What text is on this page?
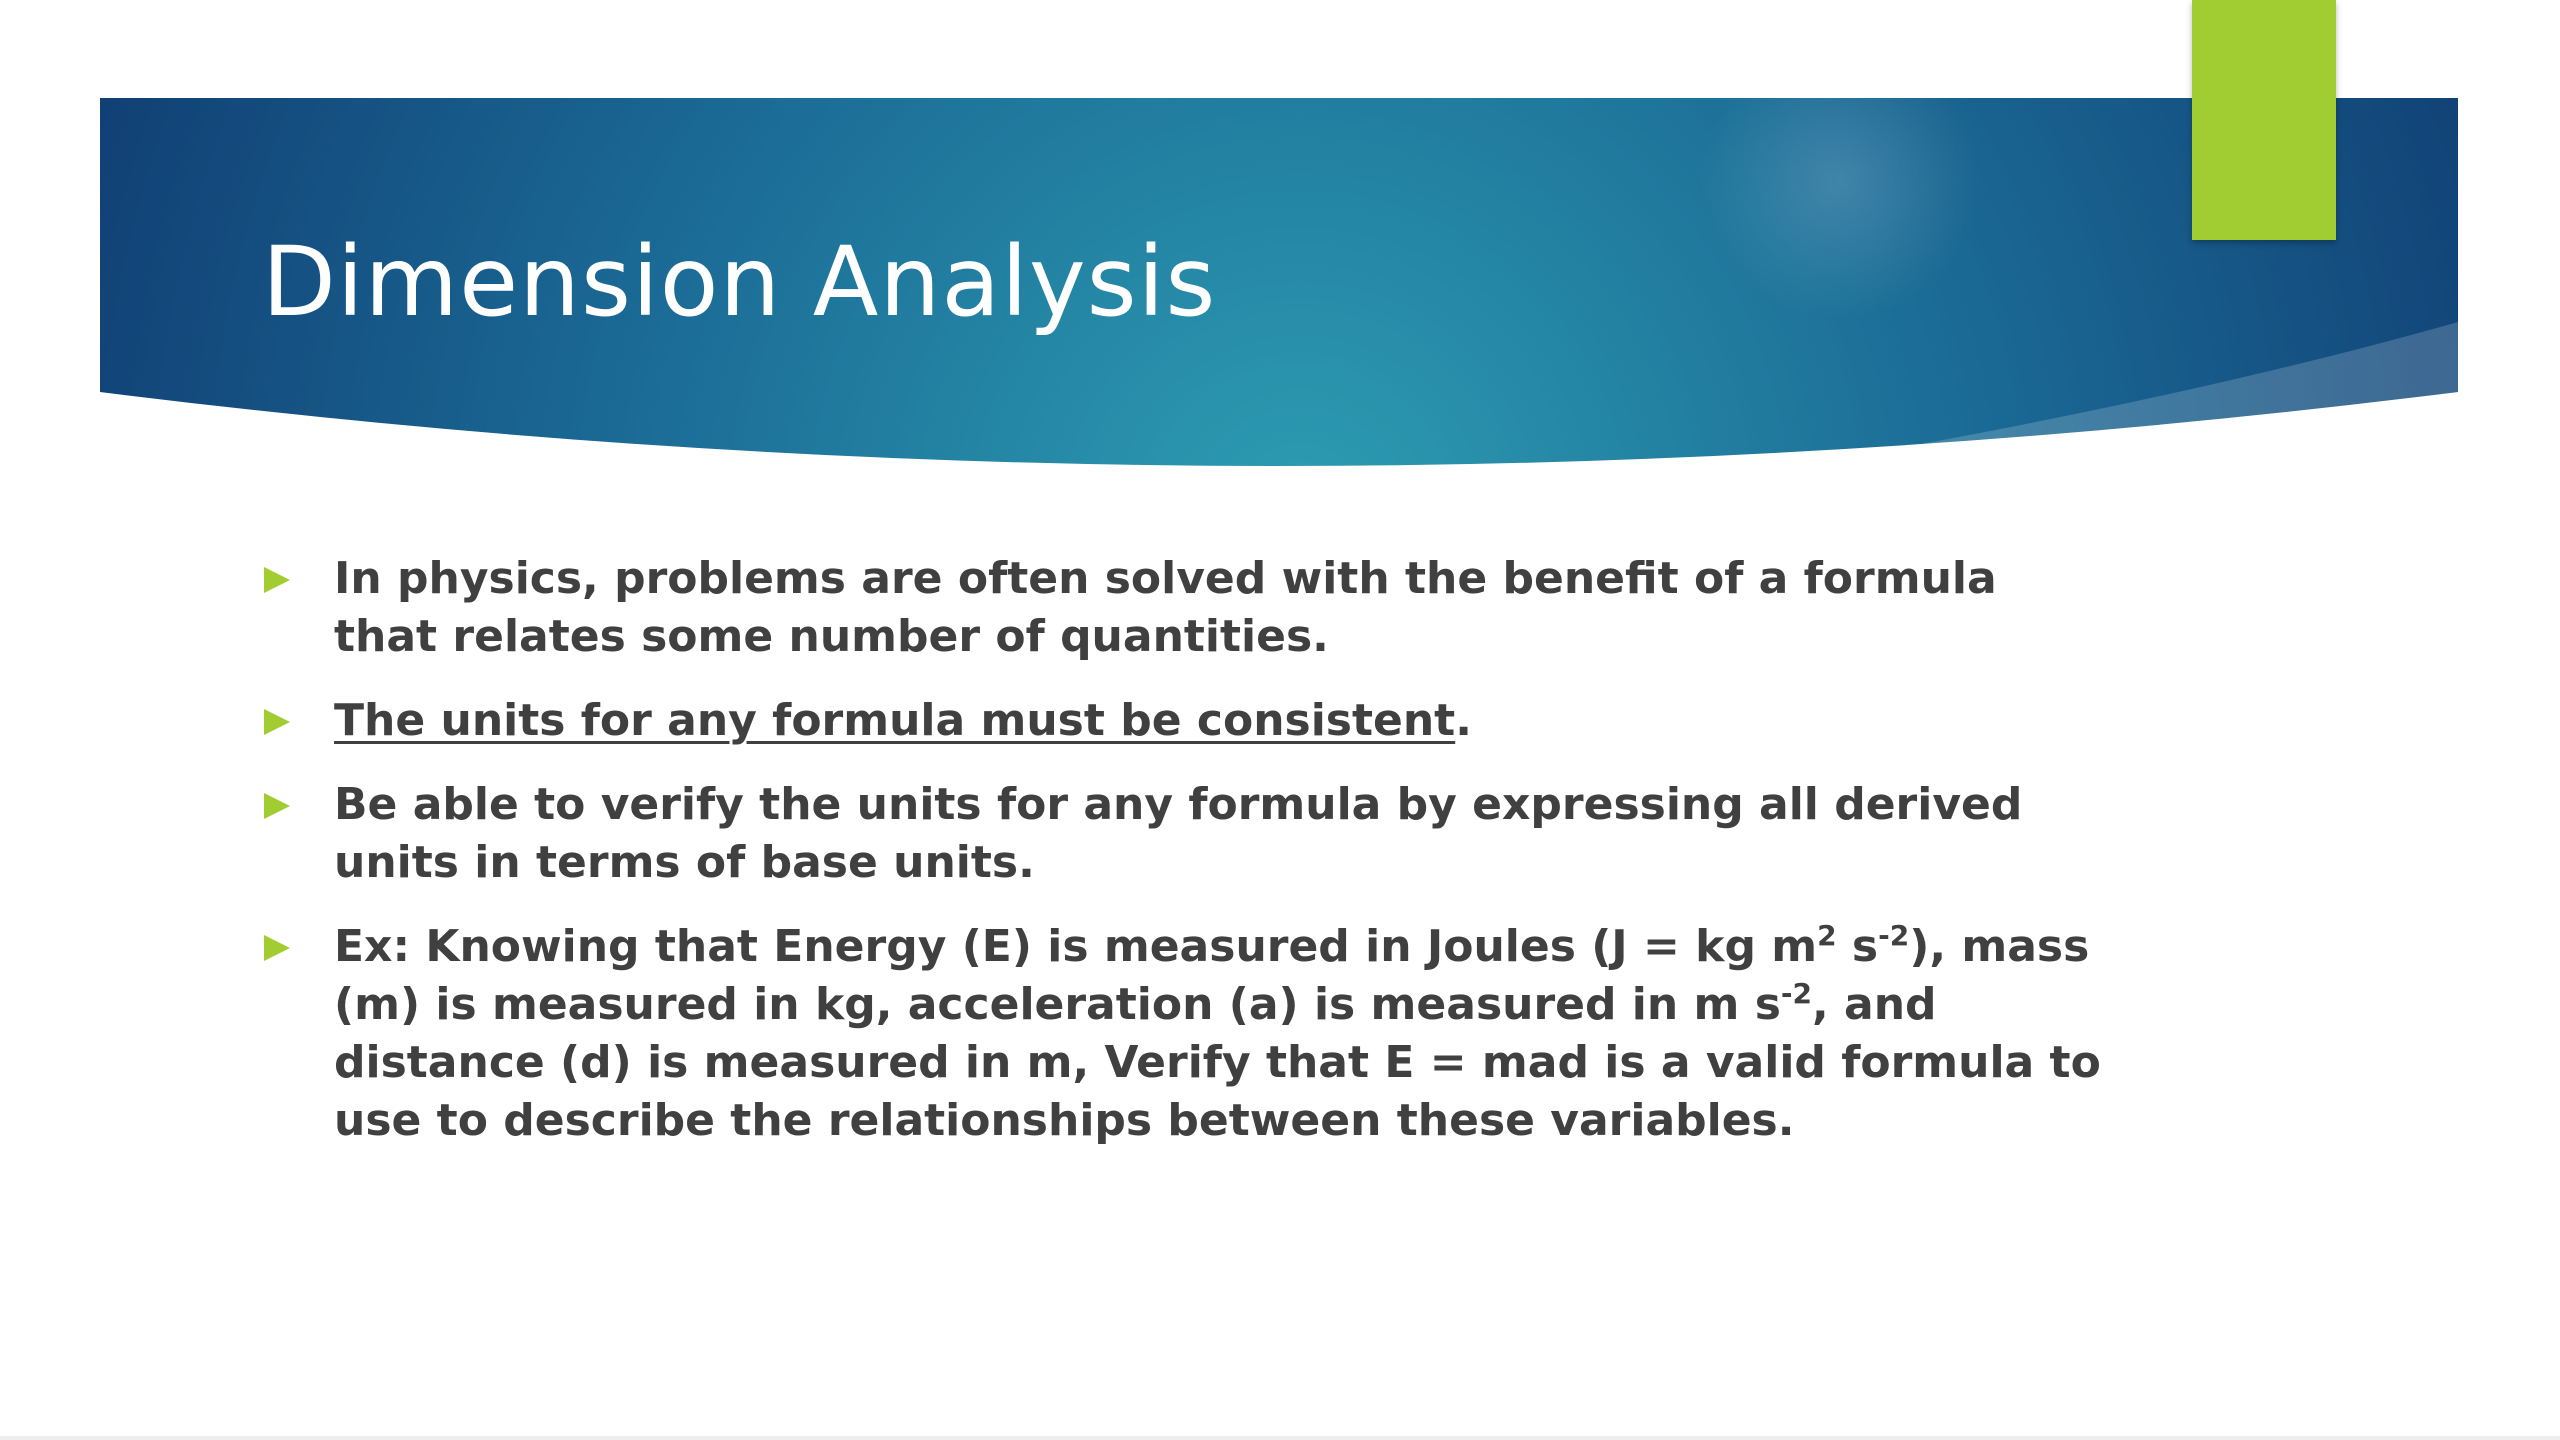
Dimension Analysis
In physics, problems are often solved with the benefit of a formula that relates some number of quantities.
The units for any formula must be consistent.
Be able to verify the units for any formula by expressing all derived units in terms of base units.
Ex: Knowing that Energy (E) is measured in Joules (J = kg $m^2$ $s^{-2}$), mass (m) is measured in kg, acceleration (a) is measured in m $s^{-2}$, and distance (d) is measured in m, Verify that E = mad is a valid formula to use to describe the relationships between these variables.
